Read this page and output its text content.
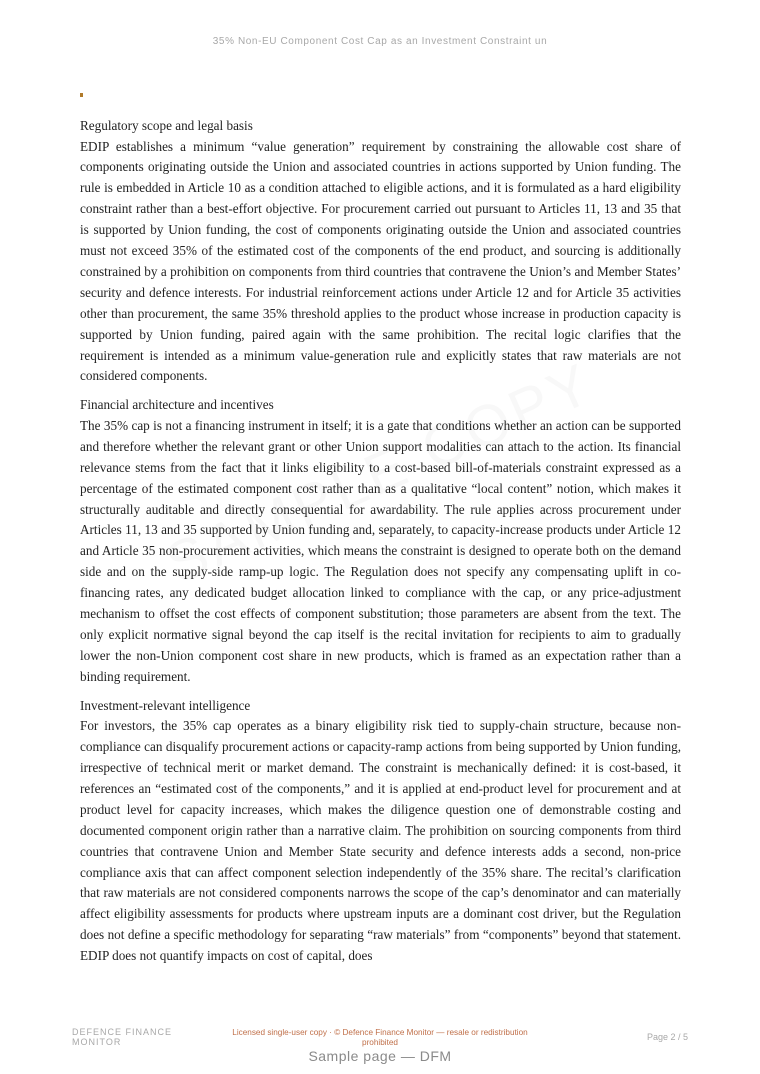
35% Non-EU Component Cost Cap as an Investment Constraint un
Regulatory scope and legal basis

EDIP establishes a minimum “value generation” requirement by constraining the allowable cost share of components originating outside the Union and associated countries in actions supported by Union funding. The rule is embedded in Article 10 as a condition attached to eligible actions, and it is formulated as a hard eligibility constraint rather than a best-effort objective. For procurement carried out pursuant to Articles 11, 13 and 35 that is supported by Union funding, the cost of components originating outside the Union and associated countries must not exceed 35% of the estimated cost of the components of the end product, and sourcing is additionally constrained by a prohibition on components from third countries that contravene the Union’s and Member States’ security and defence interests. For industrial reinforcement actions under Article 12 and for Article 35 activities other than procurement, the same 35% threshold applies to the product whose increase in production capacity is supported by Union funding, paired again with the same prohibition. The recital logic clarifies that the requirement is intended as a minimum value-generation rule and explicitly states that raw materials are not considered components.

Financial architecture and incentives

The 35% cap is not a financing instrument in itself; it is a gate that conditions whether an action can be supported and therefore whether the relevant grant or other Union support modalities can attach to the action. Its financial relevance stems from the fact that it links eligibility to a cost-based bill-of-materials constraint expressed as a percentage of the estimated component cost rather than as a qualitative “local content” notion, which makes it structurally auditable and directly consequential for awardability. The rule applies across procurement under Articles 11, 13 and 35 supported by Union funding and, separately, to capacity-increase products under Article 12 and Article 35 non-procurement activities, which means the constraint is designed to operate both on the demand side and on the supply-side ramp-up logic. The Regulation does not specify any compensating uplift in co-financing rates, any dedicated budget allocation linked to compliance with the cap, or any price-adjustment mechanism to offset the cost effects of component substitution; those parameters are absent from the text. The only explicit normative signal beyond the cap itself is the recital invitation for recipients to aim to gradually lower the non-Union component cost share in new products, which is framed as an expectation rather than a binding requirement.

Investment-relevant intelligence

For investors, the 35% cap operates as a binary eligibility risk tied to supply-chain structure, because non-compliance can disqualify procurement actions or capacity-ramp actions from being supported by Union funding, irrespective of technical merit or market demand. The constraint is mechanically defined: it is cost-based, it references an “estimated cost of the components,” and it is applied at end-product level for procurement and at product level for capacity increases, which makes the diligence question one of demonstrable costing and documented component origin rather than a narrative claim. The prohibition on sourcing components from third countries that contravene Union and Member State security and defence interests adds a second, non-price compliance axis that can affect component selection independently of the 35% share. The recital’s clarification that raw materials are not considered components narrows the scope of the cap’s denominator and can materially affect eligibility assessments for products where upstream inputs are a dominant cost driver, but the Regulation does not define a specific methodology for separating “raw materials” from “components” beyond that statement. EDIP does not quantify impacts on cost of capital, does

DEFENCE FINANCE MONITOR
Licensed single-user copy · © Defence Finance Monitor — resale or redistribution prohibited
Page 2 / 5
Sample page — DFM
